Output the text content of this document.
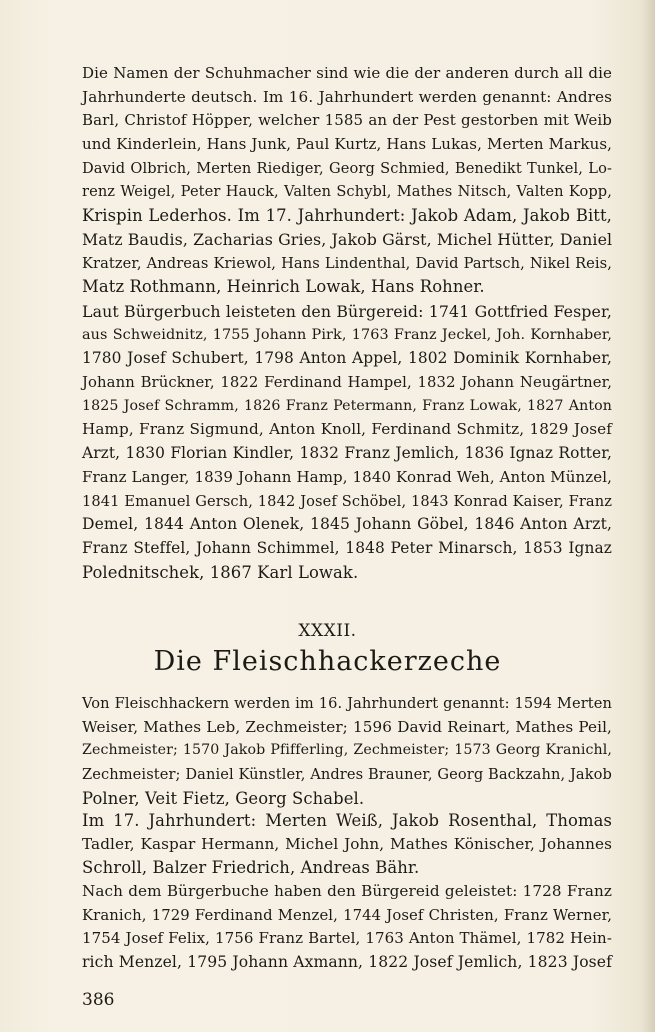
Die Namen der Schuhmacher sind wie die der anderen durch all die
Jahrhunderte deutsch. Im 16. Jahrhundert werden genannt: Andres
Barl, Christof Höpper, welcher 1585 an der Pest gestorben mit Weib
und Kinderlein, Hans Junk, Paul Kurtz, Hans Lukas, Merten Markus,
David Olbrich, Merten Riediger, Georg Schmied, Benedikt Tunkel, Lo-
renz Weigel, Peter Hauck, Valten Schybl, Mathes Nitsch, Valten Kopp,
Krispin Lederhos. Im 17. Jahrhundert: Jakob Adam, Jakob Bitt,
Matz Baudis, Zacharias Gries, Jakob Gärst, Michel Hütter, Daniel
Kratzer, Andreas Kriewol, Hans Lindenthal, David Partsch, Nikel Reis,
Matz Rothmann, Heinrich Lowak, Hans Rohner.
Laut Bürgerbuch leisteten den Bürgereid: 1741 Gottfried Fesper,
aus Schweidnitz, 1755 Johann Pirk, 1763 Franz Jeckel, Joh. Kornhaber,
1780 Josef Schubert, 1798 Anton Appel, 1802 Dominik Kornhaber,
Johann Brückner, 1822 Ferdinand Hampel, 1832 Johann Neugärtner,
1825 Josef Schramm, 1826 Franz Petermann, Franz Lowak, 1827 Anton
Hamp, Franz Sigmund, Anton Knoll, Ferdinand Schmitz, 1829 Josef
Arzt, 1830 Florian Kindler, 1832 Franz Jemlich, 1836 Ignaz Rotter,
Franz Langer, 1839 Johann Hamp, 1840 Konrad Weh, Anton Münzel,
1841 Emanuel Gersch, 1842 Josef Schöbel, 1843 Konrad Kaiser, Franz
Demel, 1844 Anton Olenek, 1845 Johann Göbel, 1846 Anton Arzt,
Franz Steffel, Johann Schimmel, 1848 Peter Minarsch, 1853 Ignaz
Polednitschek, 1867 Karl Lowak.
XXXII.
Die Fleischhackerzeche
Von Fleischhackern werden im 16. Jahrhundert genannt: 1594 Merten
Weiser, Mathes Leb, Zechmeister; 1596 David Reinart, Mathes Peil,
Zechmeister; 1570 Jakob Pfifferling, Zechmeister; 1573 Georg Kranichl,
Zechmeister; Daniel Künstler, Andres Brauner, Georg Backzahn, Jakob
Polner, Veit Fietz, Georg Schabel.
Im 17. Jahrhundert: Merten Weiß, Jakob Rosenthal, Thomas
Tadler, Kaspar Hermann, Michel John, Mathes Könischer, Johannes
Schroll, Balzer Friedrich, Andreas Bähr.
Nach dem Bürgerbuche haben den Bürgereid geleistet: 1728 Franz
Kranich, 1729 Ferdinand Menzel, 1744 Josef Christen, Franz Werner,
1754 Josef Felix, 1756 Franz Bartel, 1763 Anton Thämel, 1782 Hein-
rich Menzel, 1795 Johann Axmann, 1822 Josef Jemlich, 1823 Josef
386
